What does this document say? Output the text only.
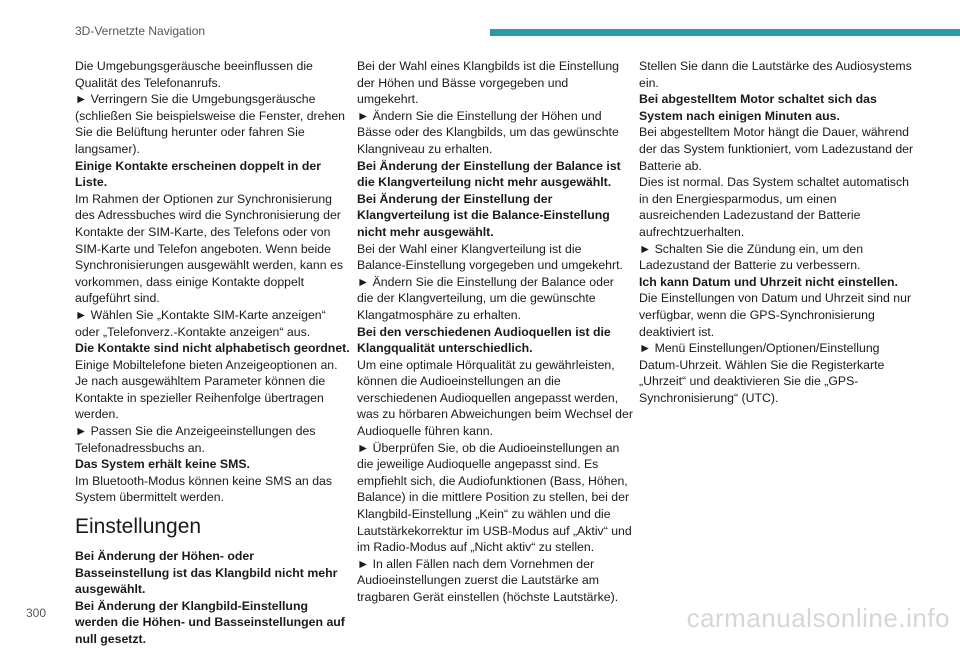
3D-Vernetzte Navigation

Die Umgebungsgeräusche beeinflussen die Qualität des Telefonanrufs.

► Verringern Sie die Umgebungsgeräusche (schließen Sie beispielsweise die Fenster, drehen Sie die Belüftung herunter oder fahren Sie langsamer).

Einige Kontakte erscheinen doppelt in der Liste.

Im Rahmen der Optionen zur Synchronisierung des Adressbuches wird die Synchronisierung der Kontakte der SIM-Karte, des Telefons oder von SIM-Karte und Telefon angeboten. Wenn beide Synchronisierungen ausgewählt werden, kann es vorkommen, dass einige Kontakte doppelt aufgeführt sind.

► Wählen Sie „Kontakte SIM-Karte anzeigen“ oder „Telefonverz.-Kontakte anzeigen“ aus.

Die Kontakte sind nicht alphabetisch geordnet.

Einige Mobiltelefone bieten Anzeigeoptionen an. Je nach ausgewähltem Parameter können die Kontakte in spezieller Reihenfolge übertragen werden.

► Passen Sie die Anzeigeeinstellungen des Telefonadressbuchs an.

Das System erhält keine SMS.

Im Bluetooth-Modus können keine SMS an das System übermittelt werden.

Einstellungen

Bei Änderung der Höhen- oder Basseinstellung ist das Klangbild nicht mehr ausgewählt.

Bei Änderung der Klangbild-Einstellung werden die Höhen- und Basseinstellungen auf null gesetzt.

Bei der Wahl eines Klangbilds ist die Einstellung der Höhen und Bässe vorgegeben und umgekehrt.

► Ändern Sie die Einstellung der Höhen und Bässe oder des Klangbilds, um das gewünschte Klangniveau zu erhalten.

Bei Änderung der Einstellung der Balance ist die Klangverteilung nicht mehr ausgewählt.

Bei Änderung der Einstellung der Klangverteilung ist die Balance-Einstellung nicht mehr ausgewählt.

Bei der Wahl einer Klangverteilung ist die Balance-Einstellung vorgegeben und umgekehrt.

► Ändern Sie die Einstellung der Balance oder die der Klangverteilung, um die gewünschte Klangatmosphäre zu erhalten.

Bei den verschiedenen Audioquellen ist die Klangqualität unterschiedlich.

Um eine optimale Hörqualität zu gewährleisten, können die Audioeinstellungen an die verschiedenen Audioquellen angepasst werden, was zu hörbaren Abweichungen beim Wechsel der Audioquelle führen kann.

► Überprüfen Sie, ob die Audioeinstellungen an die jeweilige Audioquelle angepasst sind. Es empfiehlt sich, die Audiofunktionen (Bass, Höhen, Balance) in die mittlere Position zu stellen, bei der Klangbild-Einstellung „Kein“ zu wählen und die Lautstärkekorrektur im USB-Modus auf „Aktiv“ und im Radio-Modus auf „Nicht aktiv“ zu stellen.

► In allen Fällen nach dem Vornehmen der Audioeinstellungen zuerst die Lautstärke am tragbaren Gerät einstellen (höchste Lautstärke).

Stellen Sie dann die Lautstärke des Audiosystems ein.

Bei abgestelltem Motor schaltet sich das System nach einigen Minuten aus.

Bei abgestelltem Motor hängt die Dauer, während der das System funktioniert, vom Ladezustand der Batterie ab.

Dies ist normal. Das System schaltet automatisch in den Energiesparmodus, um einen ausreichenden Ladezustand der Batterie aufrechtzuerhalten.

► Schalten Sie die Zündung ein, um den Ladezustand der Batterie zu verbessern.

Ich kann Datum und Uhrzeit nicht einstellen.

Die Einstellungen von Datum und Uhrzeit sind nur verfügbar, wenn die GPS-Synchronisierung deaktiviert ist.

► Menü Einstellungen/Optionen/Einstellung Datum-Uhrzeit. Wählen Sie die Registerkarte „Uhrzeit“ und deaktivieren Sie die „GPS-Synchronisierung“ (UTC).

300	carmanualsonline.info
